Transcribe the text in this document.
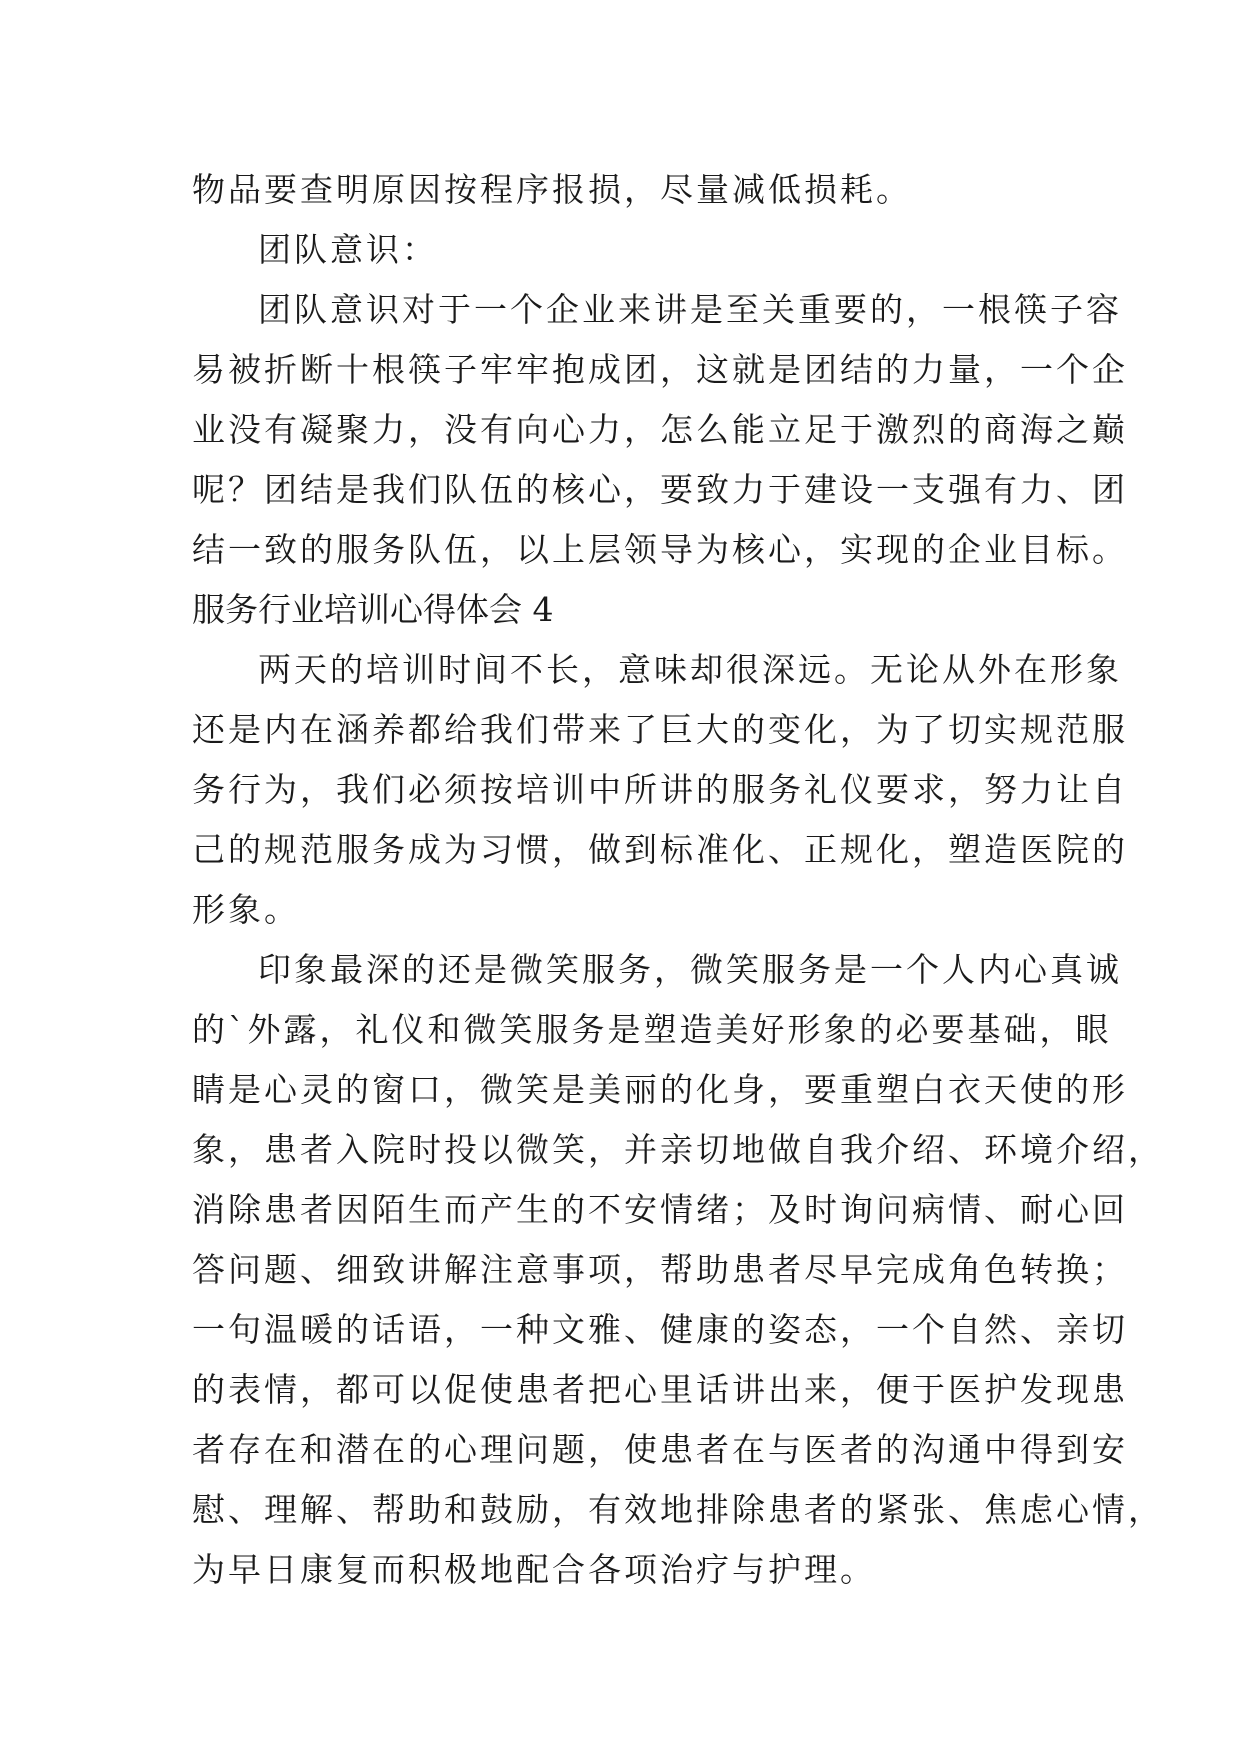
物品要查明原因按程序报损，尽量减低损耗。
团队意识：
团队意识对于一个企业来讲是至关重要的，一根筷子容
易被折断十根筷子牢牢抱成团，这就是团结的力量，一个企
业没有凝聚力，没有向心力，怎么能立足于激烈的商海之巅
呢？团结是我们队伍的核心，要致力于建设一支强有力、团
结一致的服务队伍，以上层领导为核心，实现的企业目标。
服务行业培训心得体会 4
两天的培训时间不长，意味却很深远。无论从外在形象
还是内在涵养都给我们带来了巨大的变化，为了切实规范服
务行为，我们必须按培训中所讲的服务礼仪要求，努力让自
己的规范服务成为习惯，做到标准化、正规化，塑造医院的
形象。
印象最深的还是微笑服务，微笑服务是一个人内心真诚
的`外露，礼仪和微笑服务是塑造美好形象的必要基础，眼
睛是心灵的窗口，微笑是美丽的化身，要重塑白衣天使的形
象，患者入院时投以微笑，并亲切地做自我介绍、环境介绍，
消除患者因陌生而产生的不安情绪；及时询问病情、耐心回
答问题、细致讲解注意事项，帮助患者尽早完成角色转换；
一句温暖的话语，一种文雅、健康的姿态，一个自然、亲切
的表情，都可以促使患者把心里话讲出来，便于医护发现患
者存在和潜在的心理问题，使患者在与医者的沟通中得到安
慰、理解、帮助和鼓励，有效地排除患者的紧张、焦虑心情，
为早日康复而积极地配合各项治疗与护理。
